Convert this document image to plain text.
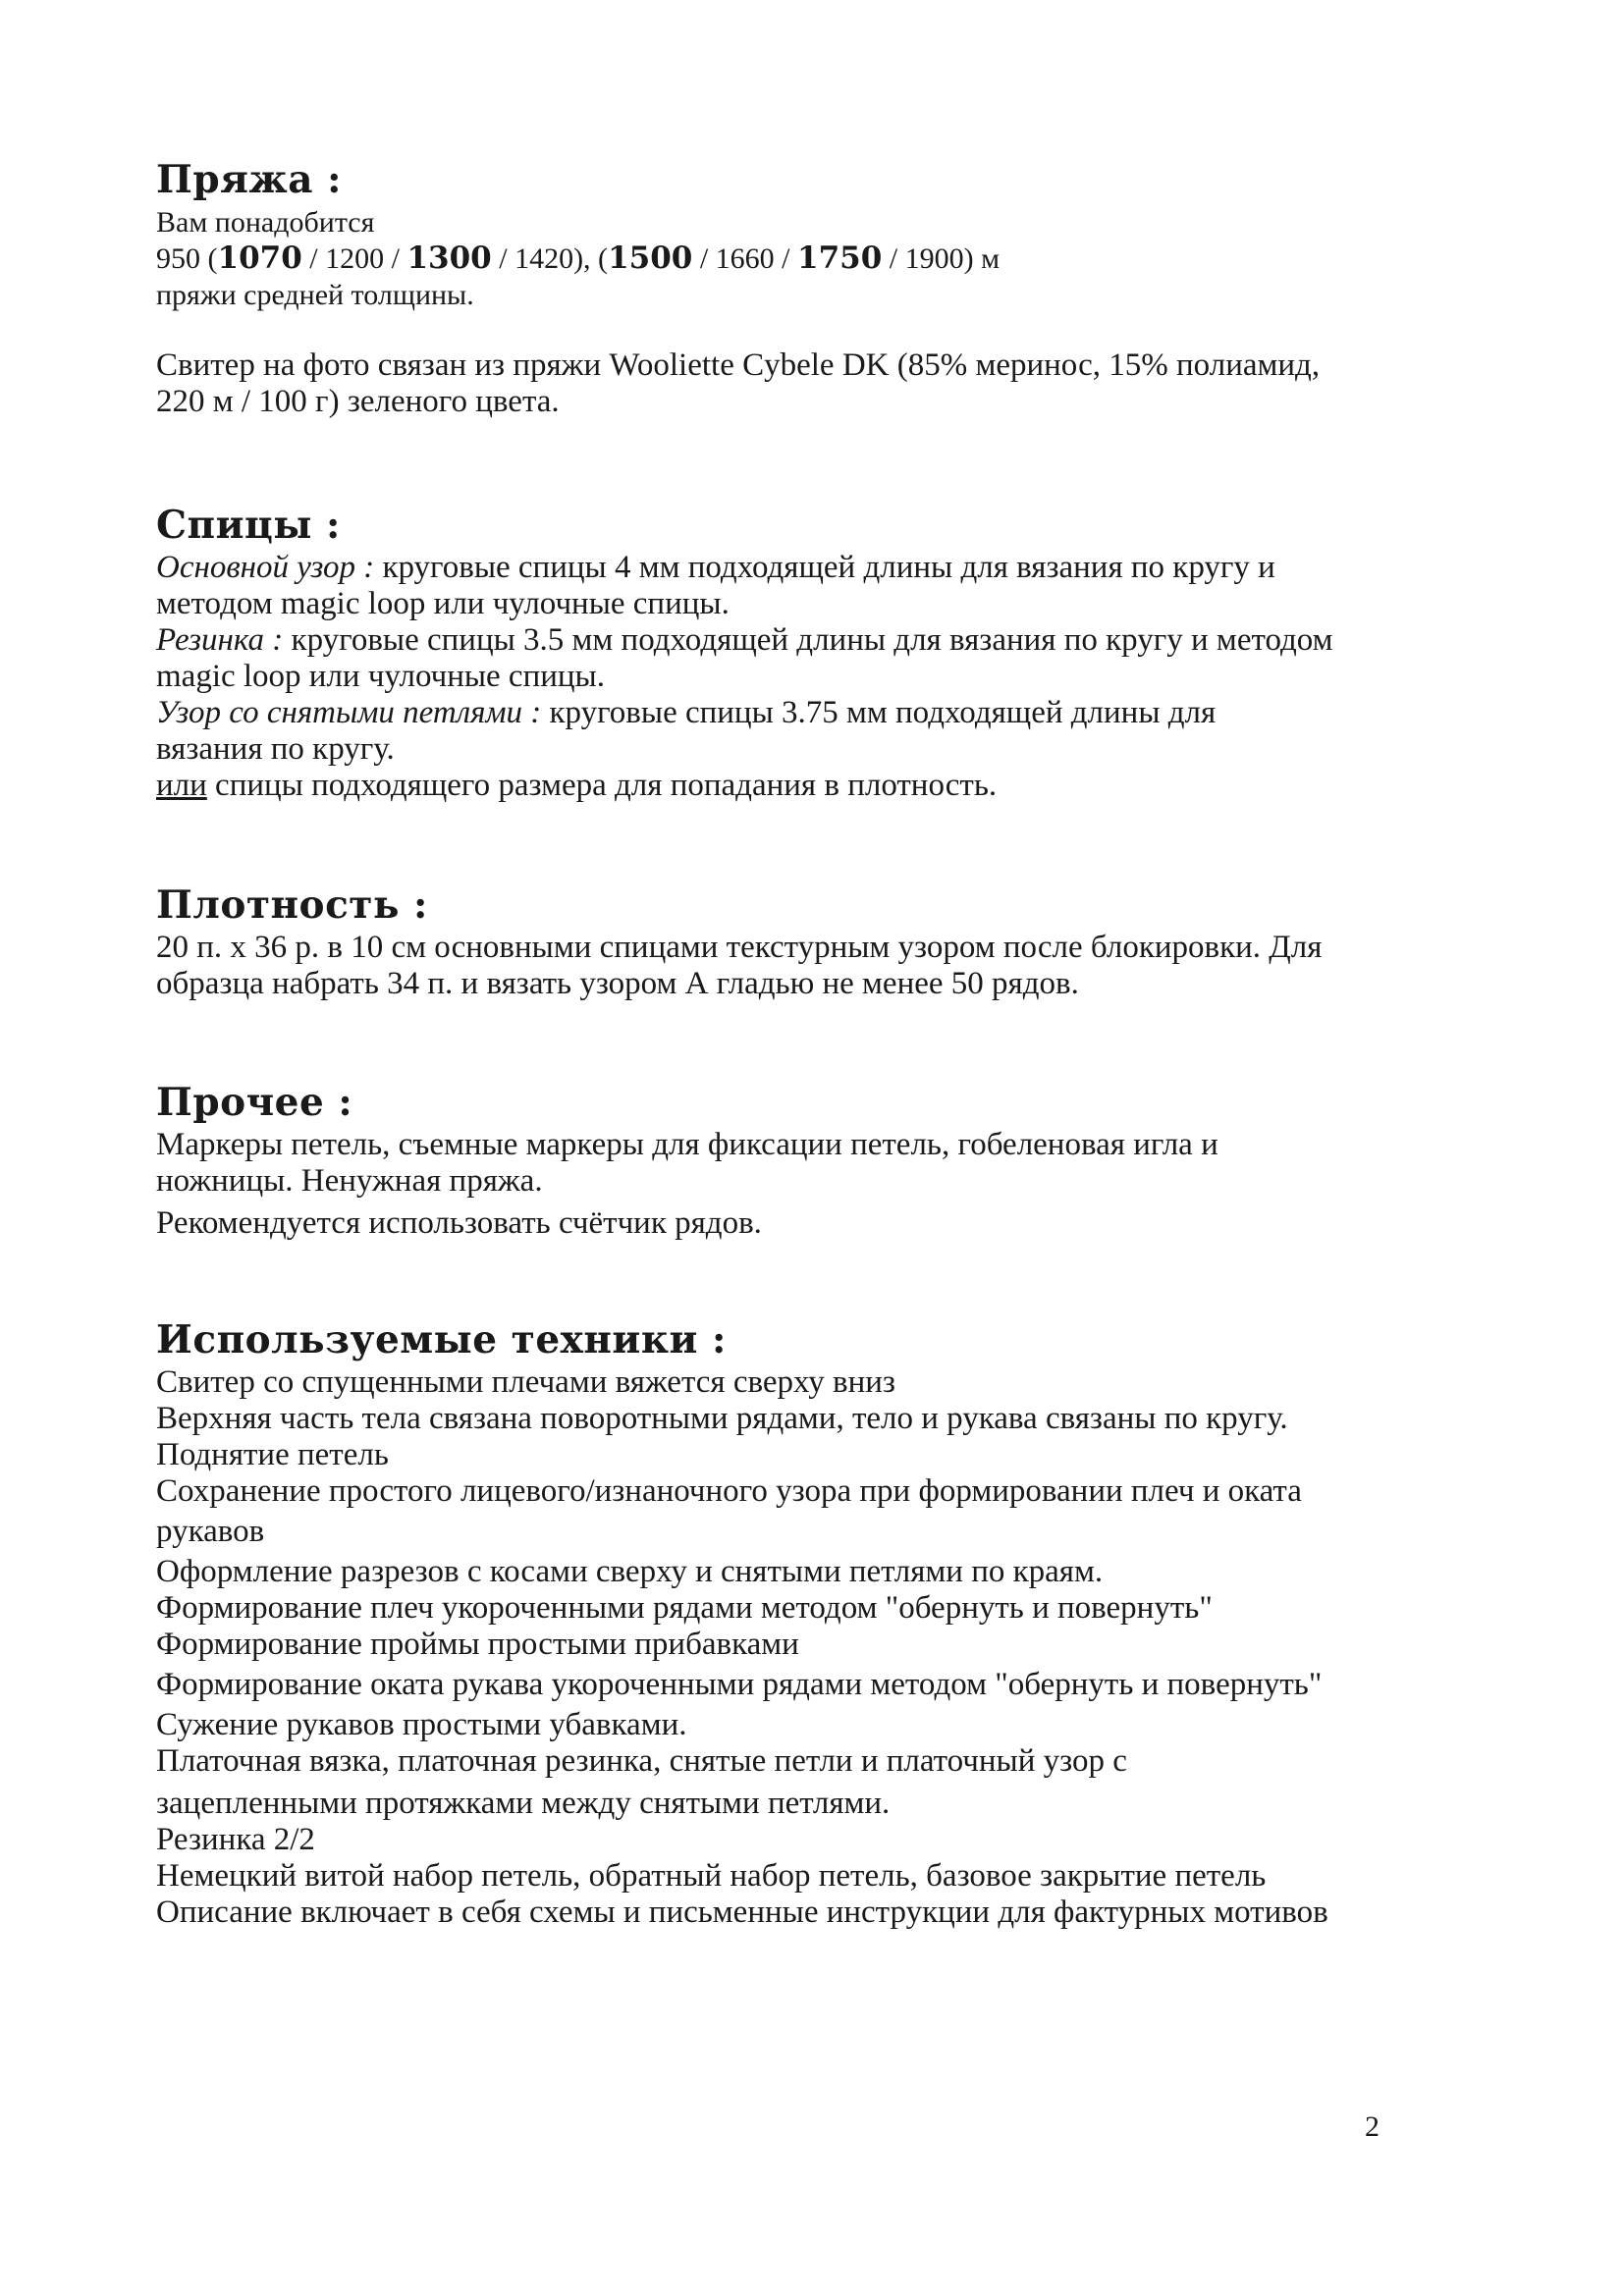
Пряжа :
Вам понадобится
950 (1070 / 1200 / 1300 / 1420), (1500 / 1660 / 1750 / 1900) м
пряжи средней толщины.
Свитер на фото связан из пряжи Wooliette Cybele DK (85% меринос, 15% полиамид,
220 м / 100 г) зеленого цвета.
Спицы :
Основной узор : круговые спицы 4 мм подходящей длины для вязания по кругу и
методом magic loop или чулочные спицы.
Резинка : круговые спицы 3.5 мм подходящей длины для вязания по кругу и методом
magic loop или чулочные спицы.
Узор со снятыми петлями : круговые спицы 3.75 мм подходящей длины для
вязания по кругу.
или спицы подходящего размера для попадания в плотность.
Плотность :
20 п. х 36 р. в 10 см основными спицами текстурным узором после блокировки. Для
образца набрать 34 п. и вязать узором А гладью не менее 50 рядов.
Прочее :
Маркеры петель, съемные маркеры для фиксации петель, гобеленовая игла и
ножницы. Ненужная пряжа.
Рекомендуется использовать счётчик рядов.
Используемые техники :
Свитер со спущенными плечами вяжется сверху вниз
Верхняя часть тела связана поворотными рядами, тело и рукава связаны по кругу.
Поднятие петель
Сохранение простого лицевого/изнаночного узора при формировании плеч и оката
рукавов
Оформление разрезов с косами сверху и снятыми петлями по краям.
Формирование плеч укороченными рядами методом "обернуть и повернуть"
Формирование проймы простыми прибавками
Формирование оката рукава укороченными рядами методом "обернуть и повернуть"
Сужение рукавов простыми убавками.
Платочная вязка, платочная резинка, снятые петли и платочный узор с
зацепленными протяжками между снятыми петлями.
Резинка 2/2
Немецкий витой набор петель, обратный набор петель, базовое закрытие петель
Описание включает в себя схемы и письменные инструкции для фактурных мотивов
2
